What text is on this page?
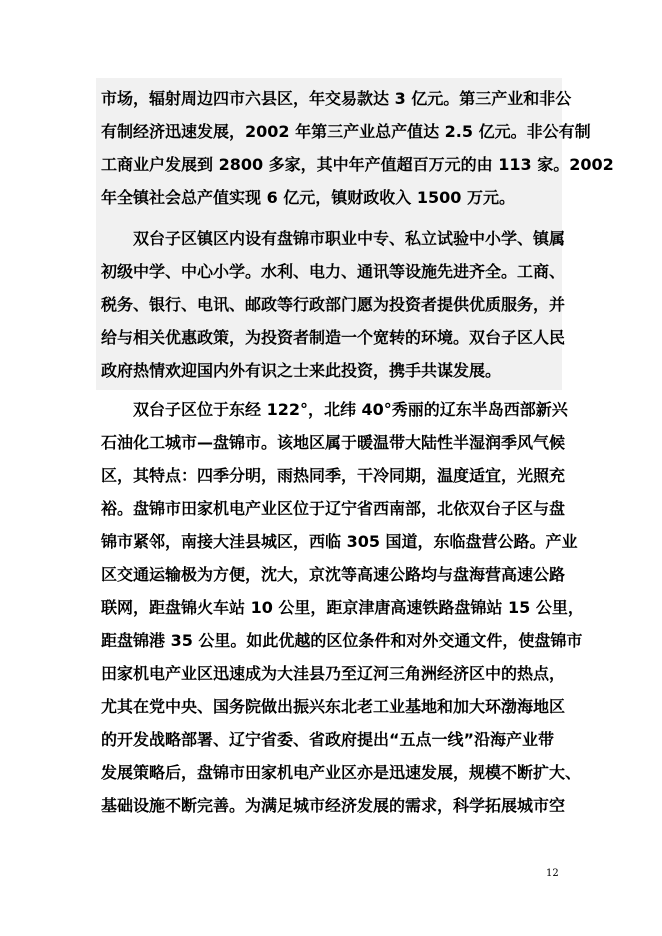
市场，辐射周边四市六县区，年交易款达 3 亿元。第三产业和非公
有制经济迅速发展，2002 年第三产业总产值达 2.5 亿元。非公有制
工商业户发展到 2800 多家，其中年产值超百万元的由 113 家。2002
年全镇社会总产值实现 6 亿元，镇财政收入 1500 万元。
双台子区镇区内设有盘锦市职业中专、私立试验中小学、镇属
初级中学、中心小学。水利、电力、通讯等设施先进齐全。工商、
税务、银行、电讯、邮政等行政部门愿为投资者提供优质服务，并
给与相关优惠政策，为投资者制造一个宽转的环境。双台子区人民
政府热情欢迎国内外有识之士来此投资，携手共谋发展。
双台子区位于东经 122°，北纬 40°秀丽的辽东半岛西部新兴
石油化工城市—盘锦市。该地区属于暖温带大陆性半湿润季风气候
区，其特点：四季分明，雨热同季，干冷同期，温度适宜，光照充
裕。盘锦市田家机电产业区位于辽宁省西南部，北依双台子区与盘
锦市紧邻，南接大洼县城区，西临 305 国道，东临盘营公路。产业
区交通运输极为方便，沈大，京沈等高速公路均与盘海营高速公路
联网，距盘锦火车站 10 公里，距京津唐高速铁路盘锦站 15 公里，
距盘锦港 35 公里。如此优越的区位条件和对外交通文件，使盘锦市
田家机电产业区迅速成为大洼县乃至辽河三角洲经济区中的热点，
尤其在党中央、国务院做出振兴东北老工业基地和加大环渤海地区
的开发战略部署、辽宁省委、省政府提出“五点一线”沿海产业带
发展策略后，盘锦市田家机电产业区亦是迅速发展，规模不断扩大、
基础设施不断完善。为满足城市经济发展的需求，科学拓展城市空
12
